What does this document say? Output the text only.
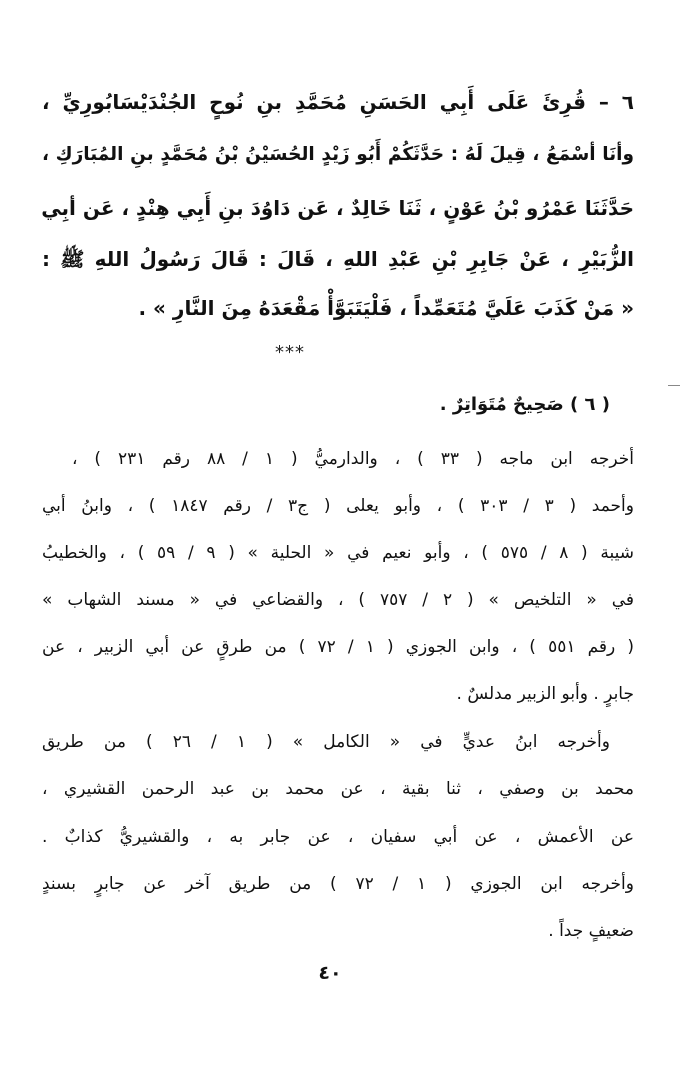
٦ – قُرِئَ عَلَى أَبِي الحَسَنِ مُحَمَّدِ بنِ نُوحٍ الجُنْدَيْسَابُورِيِّ ،
وأنَا أسْمَعُ ، قِيلَ لَهُ : حَدَّثَكُمْ أَبُو زَيْدٍ الحُسَيْنُ بْنُ مُحَمَّدٍ بنِ المُبَارَكِ ،
حَدَّثَنَا عَمْرُو بْنُ عَوْنٍ ، ثَنَا خَالِدٌ ، عَن دَاوُدَ بنِ أَبِي هِنْدٍ ، عَن أبِي
الزُّبَيْرِ ، عَنْ جَابِرِ بْنِ عَبْدِ اللهِ ، قَالَ : قَالَ رَسُولُ اللهِ ﷺ :
« مَنْ كَذَبَ عَلَيَّ مُتَعَمِّداً ، فَلْيَتَبَوَّأْ مَقْعَدَهُ مِنَ النَّارِ » .
***
( ٦ ) صَحِيحٌ مُتَوَاتِرٌ .
أخرجه ابن ماجه ( ٣٣ ) ، والدارميُّ ( ١ / ٨٨ رقم ٢٣١ ) ،
وأحمد ( ٣ / ٣٠٣ ) ، وأبو يعلى ( ج٣ / رقم ١٨٤٧ ) ، وابنُ أبي
شيبة ( ٨ / ٥٧٥ ) ، وأبو نعيم في « الحلية » ( ٩ / ٥٩ ) ، والخطيبُ
في « التلخيص » ( ٢ / ٧٥٧ ) ، والقضاعي في « مسند الشهاب »
( رقم ٥٥١ ) ، وابن الجوزي ( ١ / ٧٢ ) من طرقٍ عن أبي الزبير ، عن
جابرٍ . وأبو الزبير مدلسٌ .
وأخرجه ابنُ عديٍّ في « الكامل » ( ١ / ٢٦ ) من طريق
محمد بن وصفي ، ثنا بقية ، عن محمد بن عبد الرحمن القشيري ،
عن الأعمش ، عن أبي سفيان ، عن جابر به ، والقشيريُّ كذابٌ .
وأخرجه ابن الجوزي ( ١ / ٧٢ ) من طريق آخر عن جابرٍ بسندٍ
ضعيفٍ جداً .
٤٠
